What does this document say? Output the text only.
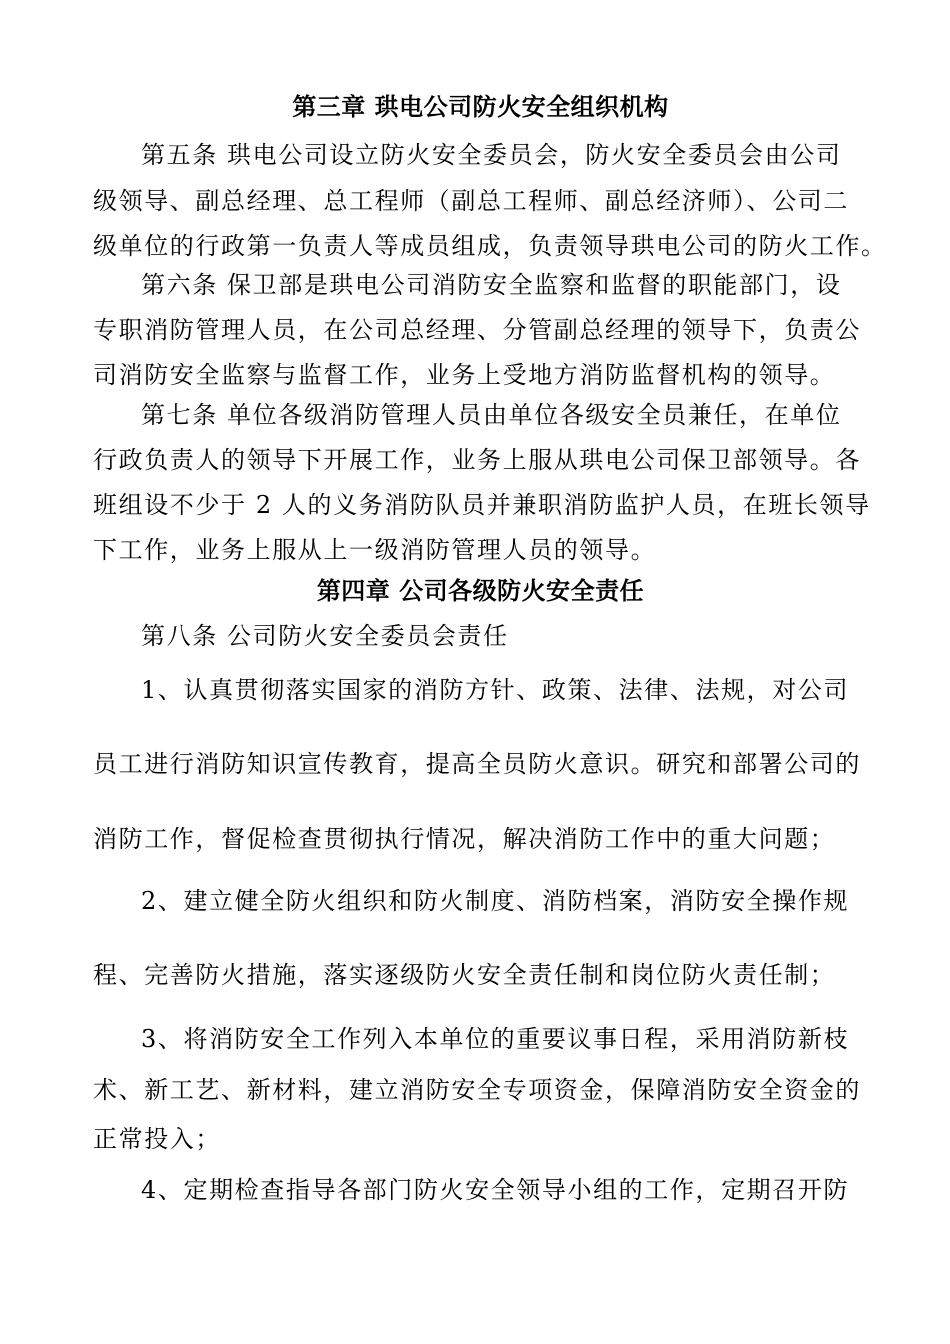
第三章 珙电公司防火安全组织机构
第五条 珙电公司设立防火安全委员会，防火安全委员会由公司
级领导、副总经理、总工程师（副总工程师、副总经济师）、公司二
级单位的行政第一负责人等成员组成，负责领导珙电公司的防火工作。
第六条 保卫部是珙电公司消防安全监察和监督的职能部门，设
专职消防管理人员，在公司总经理、分管副总经理的领导下，负责公
司消防安全监察与监督工作，业务上受地方消防监督机构的领导。
第七条 单位各级消防管理人员由单位各级安全员兼任，在单位
行政负责人的领导下开展工作，业务上服从珙电公司保卫部领导。各
班组设不少于 2 人的义务消防队员并兼职消防监护人员，在班长领导
下工作，业务上服从上一级消防管理人员的领导。
第四章 公司各级防火安全责任
第八条 公司防火安全委员会责任
1、认真贯彻落实国家的消防方针、政策、法律、法规，对公司
员工进行消防知识宣传教育，提高全员防火意识。研究和部署公司的
消防工作，督促检查贯彻执行情况，解决消防工作中的重大问题；
2、建立健全防火组织和防火制度、消防档案，消防安全操作规
程、完善防火措施，落实逐级防火安全责任制和岗位防火责任制；
3、将消防安全工作列入本单位的重要议事日程，采用消防新枝
术、新工艺、新材料，建立消防安全专项资金，保障消防安全资金的
正常投入；
4、定期检查指导各部门防火安全领导小组的工作，定期召开防
